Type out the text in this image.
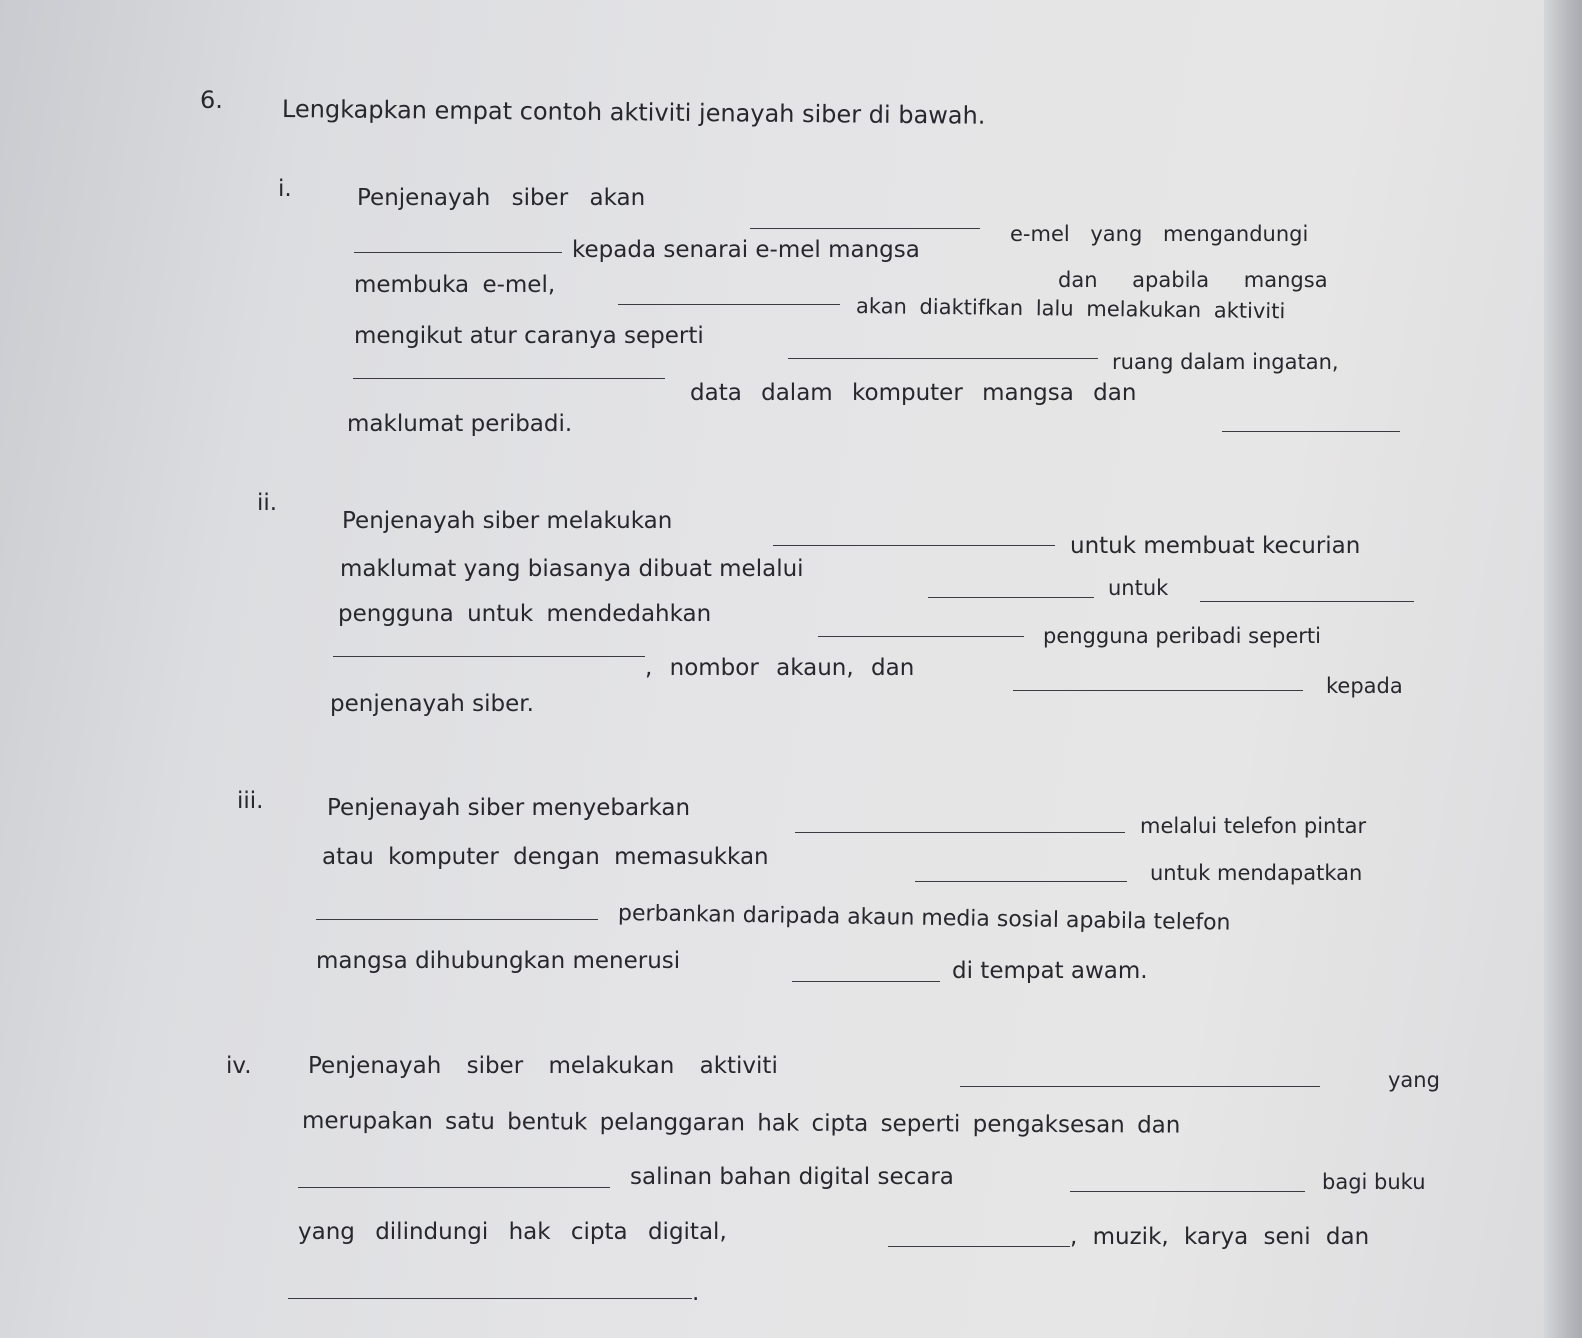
6. Lengkapkan empat contoh aktiviti jenayah siber di bawah.
i.	Penjenayah siber akan
e-mel yang mengandungi
kepada senarai e-mel mangsa
dan apabila mangsa
membuka e-mel,
akan diaktifkan lalu melakukan aktiviti
mengikut atur caranya seperti
ruang dalam ingatan,
data dalam komputer mangsa dan
maklumat peribadi.
ii.
Penjenayah siber melakukan
untuk membuat kecurian
maklumat yang biasanya dibuat melalui
untuk
pengguna untuk mendedahkan
pengguna peribadi seperti
, nombor akaun, dan
kepada
penjenayah siber.
iii.	Penjenayah siber menyebarkan
melalui telefon pintar
atau komputer dengan memasukkan
untuk mendapatkan
perbankan daripada akaun media sosial apabila telefon
mangsa dihubungkan menerusi	di tempat awam.
iv. Penjenayah siber melakukan aktiviti
yang
merupakan satu bentuk pelanggaran hak cipta seperti pengaksesan dan
salinan bahan digital secara	bagi buku
yang dilindungi hak cipta digital,	, muzik, karya seni dan
.
